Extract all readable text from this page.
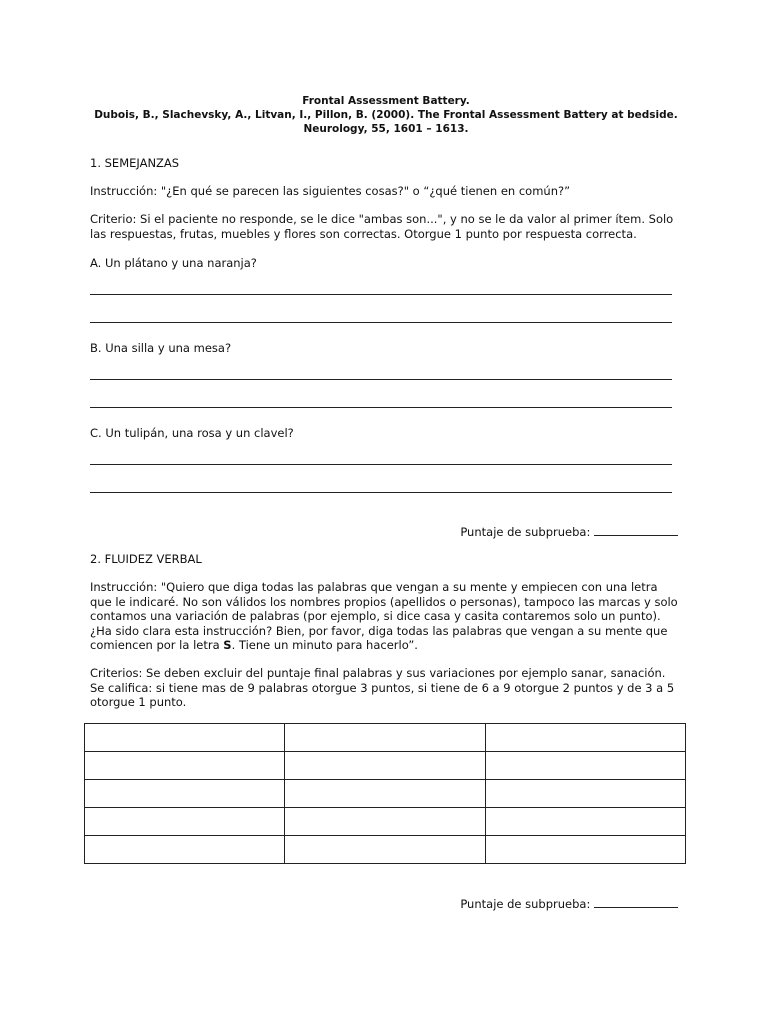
Frontal Assessment Battery.
Dubois, B., Slachevsky, A., Litvan, I., Pillon, B. (2000). The Frontal Assessment Battery at bedside.
Neurology, 55, 1601 – 1613.
1. SEMEJANZAS
Instrucción: "¿En qué se parecen las siguientes cosas?" o “¿qué tienen en común?”
Criterio: Si el paciente no responde, se le dice "ambas son...", y no se le da valor al primer ítem. Solo las respuestas, frutas, muebles y flores son correctas. Otorgue 1 punto por respuesta correcta.
A. Un plátano y una naranja?
B. Una silla y una mesa?
C. Un tulipán, una rosa y un clavel?
Puntaje de subprueba:
2. FLUIDEZ VERBAL
Instrucción: "Quiero que diga todas las palabras que vengan a su mente y empiecen con una letra que le indicaré. No son válidos los nombres propios (apellidos o personas), tampoco las marcas y solo contamos una variación de palabras (por ejemplo, si dice casa y casita contaremos solo un punto). ¿Ha sido clara esta instrucción? Bien, por favor, diga todas las palabras que vengan a su mente que comiencen por la letra S. Tiene un minuto para hacerlo”.
Criterios: Se deben excluir del puntaje final palabras y sus variaciones por ejemplo sanar, sanación. Se califica: si tiene mas de 9 palabras otorgue 3 puntos, si tiene de 6 a 9 otorgue 2 puntos y de 3 a 5 otorgue 1 punto.

Puntaje de subprueba:
